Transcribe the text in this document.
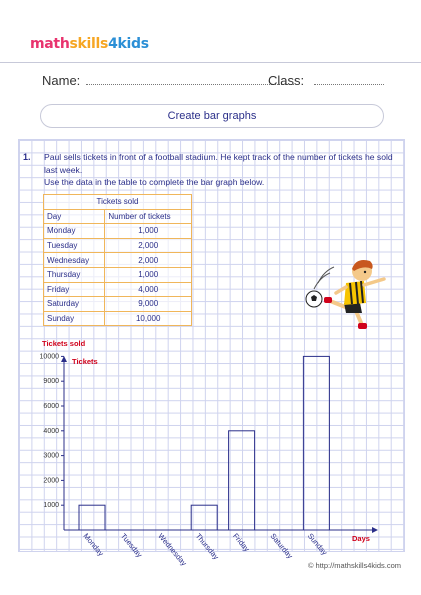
mathskills4kids
Name:	Class:
Create bar graphs
1. Paul sells tickets in front of a football stadium. He kept track of the number of tickets he sold last week.
Use the data in the table to complete the bar graph below.
Tickets sold	
Day	Number of tickets
Monday	1,000
Tuesday	2,000
Wednesday	2,000
Thursday	1,000
Friday	4,000
Saturday	9,000
Sunday	10,000
Tickets sold
Tickets
Days
1000
2000
3000
4000
6000
9000
10000
Monday Tuesday Wednesday Thursday Friday Saturday Sunday
© http://mathskills4kids.com
